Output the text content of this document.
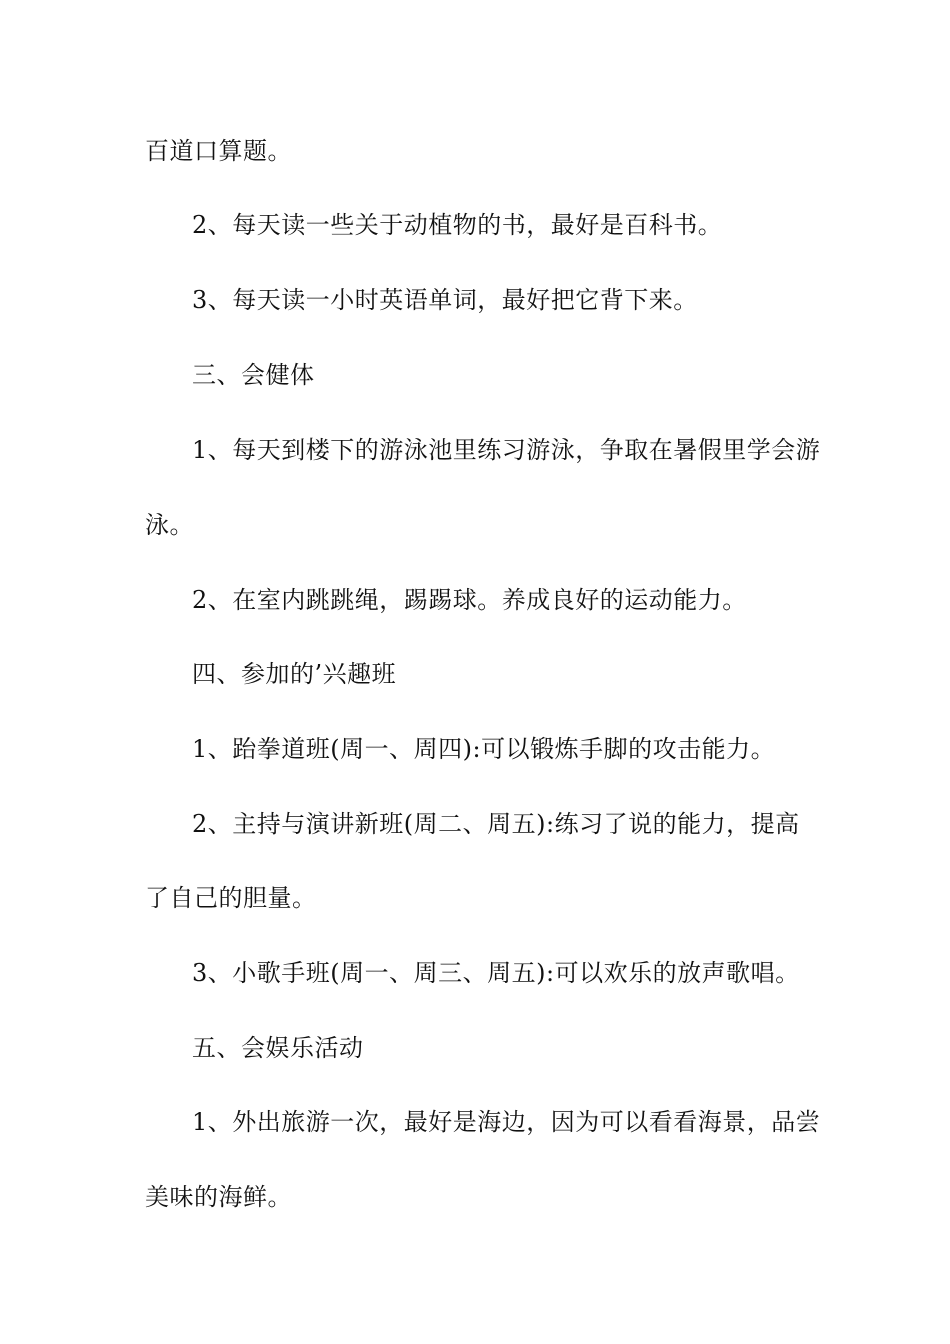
百道口算题。
2、每天读一些关于动植物的书，最好是百科书。
3、每天读一小时英语单词，最好把它背下来。
三、会健体
1、每天到楼下的游泳池里练习游泳，争取在暑假里学会游
泳。
2、在室内跳跳绳，踢踢球。养成良好的运动能力。
四、参加的’兴趣班
1、跆拳道班(周一、周四):可以锻炼手脚的攻击能力。
2、主持与演讲新班(周二、周五):练习了说的能力，提高
了自己的胆量。
3、小歌手班(周一、周三、周五):可以欢乐的放声歌唱。
五、会娱乐活动
1、外出旅游一次，最好是海边，因为可以看看海景，品尝
美味的海鲜。
